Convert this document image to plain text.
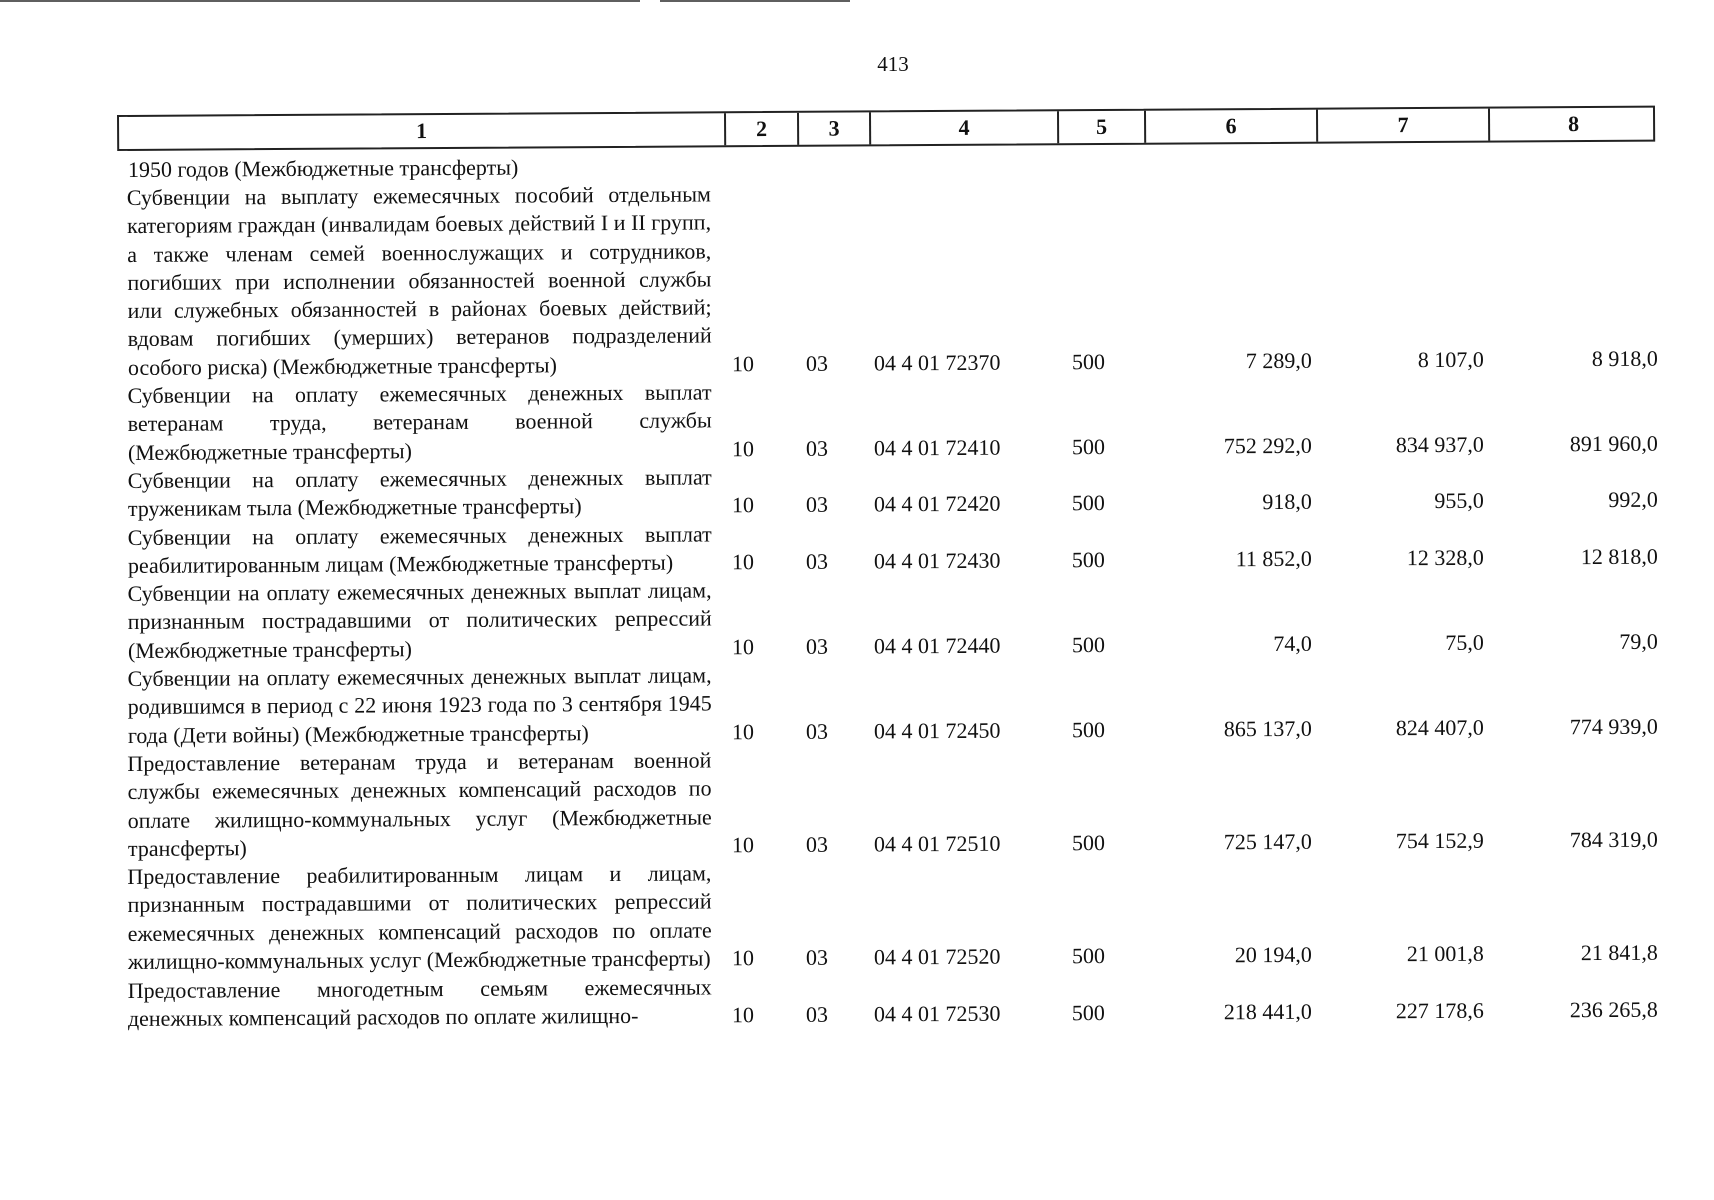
413
1	2	3	4	5	6	7	8
1950 годов (Межбюджетные трансферты)
Субвенции на выплату ежемесячных пособий отдельным категориям граждан (инвалидам боевых действий I и II групп, а также членам семей военнослужащих и сотрудников, погибших при исполнении обязанностей военной службы или служебных обязанностей в районах боевых действий; вдовам погибших (умерших) ветеранов подразделений особого риска) (Межбюджетные трансферты)	10	03	04 4 01 72370	500	7 289,0	8 107,0	8 918,0
Субвенции на оплату ежемесячных денежных выплат ветеранам труда, ветеранам военной службы (Межбюджетные трансферты)	10	03	04 4 01 72410	500	752 292,0	834 937,0	891 960,0
Субвенции на оплату ежемесячных денежных выплат труженикам тыла (Межбюджетные трансферты)	10	03	04 4 01 72420	500	918,0	955,0	992,0
Субвенции на оплату ежемесячных денежных выплат реабилитированным лицам (Межбюджетные трансферты)	10	03	04 4 01 72430	500	11 852,0	12 328,0	12 818,0
Субвенции на оплату ежемесячных денежных выплат лицам, признанным пострадавшими от политических репрессий (Межбюджетные трансферты)	10	03	04 4 01 72440	500	74,0	75,0	79,0
Субвенции на оплату ежемесячных денежных выплат лицам, родившимся в период с 22 июня 1923 года по 3 сентября 1945 года (Дети войны) (Межбюджетные трансферты)	10	03	04 4 01 72450	500	865 137,0	824 407,0	774 939,0
Предоставление ветеранам труда и ветеранам военной службы ежемесячных денежных компенсаций расходов по оплате жилищно-коммунальных услуг (Межбюджетные трансферты)	10	03	04 4 01 72510	500	725 147,0	754 152,9	784 319,0
Предоставление реабилитированным лицам и лицам, признанным пострадавшими от политических репрессий ежемесячных денежных компенсаций расходов по оплате жилищно-коммунальных услуг (Межбюджетные трансферты) 10	03	04 4 01 72520	500	20 194,0	21 001,8	21 841,8
Предоставление многодетным семьям ежемесячных денежных компенсаций расходов по оплате жилищно-	10	03	04 4 01 72530	500	218 441,0	227 178,6	236 265,8
